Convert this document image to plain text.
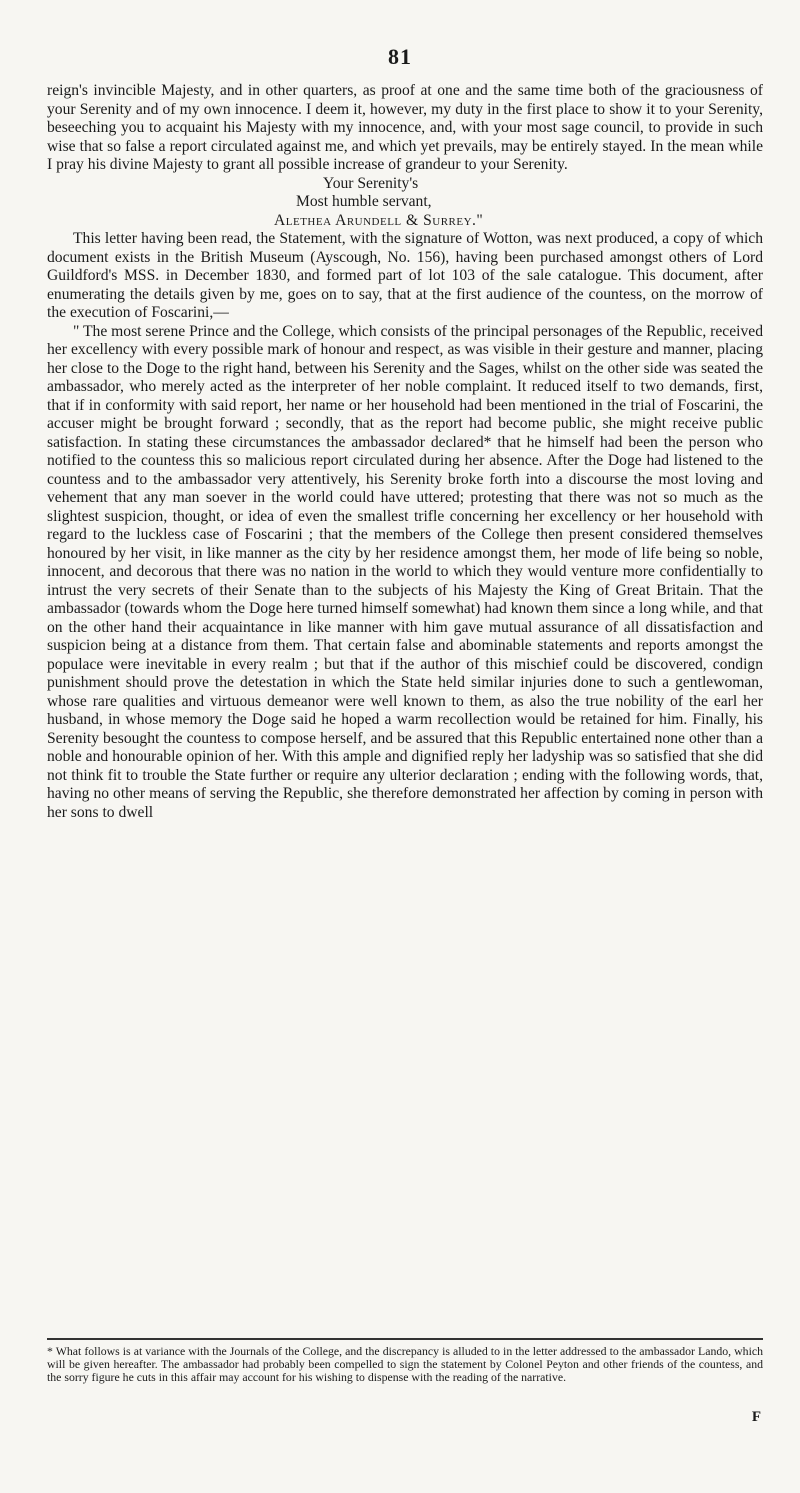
81

reign's invincible Majesty, and in other quarters, as proof at one and the same time both of the graciousness of your Serenity and of my own innocence. I deem it, however, my duty in the first place to show it to your Serenity, beseeching you to acquaint his Majesty with my innocence, and, with your most sage council, to provide in such wise that so false a report circulated against me, and which yet prevails, may be entirely stayed. In the mean while I pray his divine Majesty to grant all possible increase of grandeur to your Serenity.

Your Serenity's
Most humble servant,
Alethea Arundell & Surrey."

This letter having been read, the Statement, with the signature of Wotton, was next produced, a copy of which document exists in the British Museum (Ayscough, No. 156), having been purchased amongst others of Lord Guildford's MSS. in December 1830, and formed part of lot 103 of the sale catalogue. This document, after enumerating the details given by me, goes on to say, that at the first audience of the countess, on the morrow of the execution of Foscarini,—

" The most serene Prince and the College, which consists of the principal personages of the Republic, received her excellency with every possible mark of honour and respect, as was visible in their gesture and manner, placing her close to the Doge to the right hand, between his Serenity and the Sages, whilst on the other side was seated the ambassador, who merely acted as the interpreter of her noble complaint. It reduced itself to two demands, first, that if in conformity with said report, her name or her household had been mentioned in the trial of Foscarini, the accuser might be brought forward ; secondly, that as the report had become public, she might receive public satisfaction. In stating these circumstances the ambassador declared* that he himself had been the person who notified to the countess this so malicious report circulated during her absence. After the Doge had listened to the countess and to the ambassador very attentively, his Serenity broke forth into a discourse the most loving and vehement that any man soever in the world could have uttered; protesting that there was not so much as the slightest suspicion, thought, or idea of even the smallest trifle concerning her excellency or her household with regard to the luckless case of Foscarini ; that the members of the College then present considered themselves honoured by her visit, in like manner as the city by her residence amongst them, her mode of life being so noble, innocent, and decorous that there was no nation in the world to which they would venture more confidentially to intrust the very secrets of their Senate than to the subjects of his Majesty the King of Great Britain. That the ambassador (towards whom the Doge here turned himself somewhat) had known them since a long while, and that on the other hand their acquaintance in like manner with him gave mutual assurance of all dissatisfaction and suspicion being at a distance from them. That certain false and abominable statements and reports amongst the populace were inevitable in every realm ; but that if the author of this mischief could be discovered, condign punishment should prove the detestation in which the State held similar injuries done to such a gentlewoman, whose rare qualities and virtuous demeanor were well known to them, as also the true nobility of the earl her husband, in whose memory the Doge said he hoped a warm recollection would be retained for him. Finally, his Serenity besought the countess to compose herself, and be assured that this Republic entertained none other than a noble and honourable opinion of her. With this ample and dignified reply her ladyship was so satisfied that she did not think fit to trouble the State further or require any ulterior declaration ; ending with the following words, that, having no other means of serving the Republic, she therefore demonstrated her affection by coming in person with her sons to dwell

* What follows is at variance with the Journals of the College, and the discrepancy is alluded to in the letter addressed to the ambassador Lando, which will be given hereafter. The ambassador had probably been compelled to sign the statement by Colonel Peyton and other friends of the countess, and the sorry figure he cuts in this affair may account for his wishing to dispense with the reading of the narrative.
F
